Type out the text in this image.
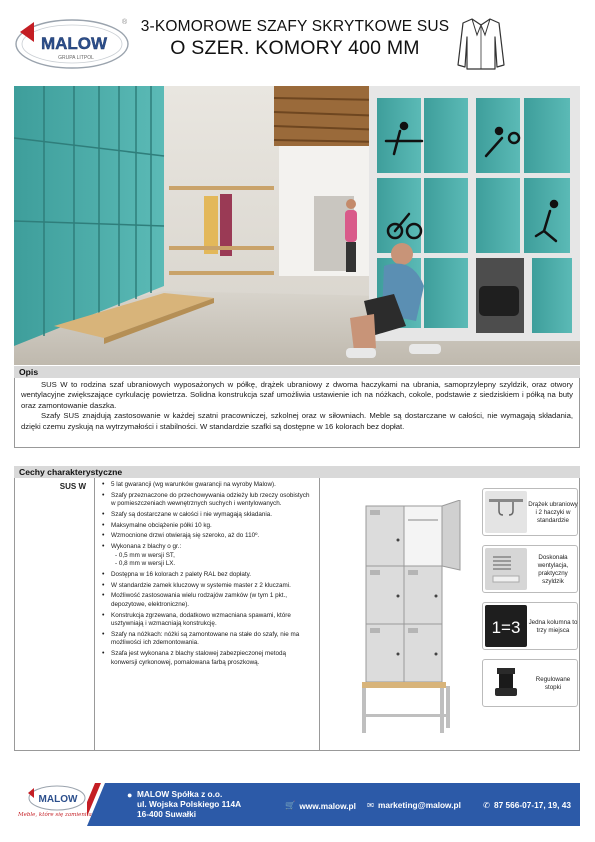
MALOW
GRUPA LITPOL
® 3-KOMOROWE SZAFY SKRYTKOWE SUS
O SZER. KOMORY 400 MM
Opis

SUS W to rodzina szaf ubraniowych wyposażonych w półkę, drążek ubraniowy z dwoma haczykami na ubrania, samoprzylepny szyldzik, oraz otwory wentylacyjne zwiększające cyrkulację powietrza. Solidna konstrukcja szaf umożliwia ustawienie ich na nóżkach, cokole, podstawie z siedziskiem i półką na buty oraz zamontowanie daszka.

Szafy SUS znajdują zastosowanie w każdej szatni pracowniczej, szkolnej oraz w siłowniach. Meble są dostarczane w całości, nie wymagają składania, dzięki czemu zyskują na wytrzymałości i stabilności. W standardzie szafki są dostępne w 16 kolorach bez dopłat.

Cechy charakterystyczne
SUS W
•	5 lat gwarancji (wg warunków gwarancji na wyroby Malow).
• Szafy przeznaczone do przechowywania odzieży lub rzeczy osobistych w pomieszczeniach wewnętrznych suchych i wentylowanych.
• Szafy są dostarczane w całości i nie wymagają składania.
• Maksymalne obciążenie półki 10 kg.
• Wzmocnione drzwi otwierają się szeroko, aż do 110º.
• Wykonana z blachy o gr.:
- 0,5 mm w wersji ST,
- 0,8 mm w wersji LX.
• Dostępna w 16 kolorach z palety RAL bez dopłaty.
• W standardzie zamek kluczowy w systemie master z 2 kluczami.
• Możliwość zastosowania wielu rodzajów zamków (w tym 1 pkt., depozytowe, elektroniczne).
• Konstrukcja zgrzewana, dodatkowo wzmacniana spawami, które usztywniają i wzmacniają konstrukcję.
• Szafy na nóżkach: nóżki są zamontowane na stałe do szafy, nie ma możliwości ich zdemontowania.
• Szafa jest wykonana z blachy stalowej zabezpieczonej metodą konwersji cyrkonowej, pomalowana farbą proszkową.
Drążek ubraniowy i 2 haczyki w standardzie
Doskonała wentylacja, praktyczny szyldzik
1=3 Jedna kolumna to trzy miejsca
Regulowane stopki
MALOW
Meble, które się zamieniła
● MALOW Spółka z o.o.
ul. Wojska Polskiego 114A
16-400 Suwałki
🛒 www.malow.pl ✉ marketing@malow.pl	✆ 87 566-07-17, 19, 43
